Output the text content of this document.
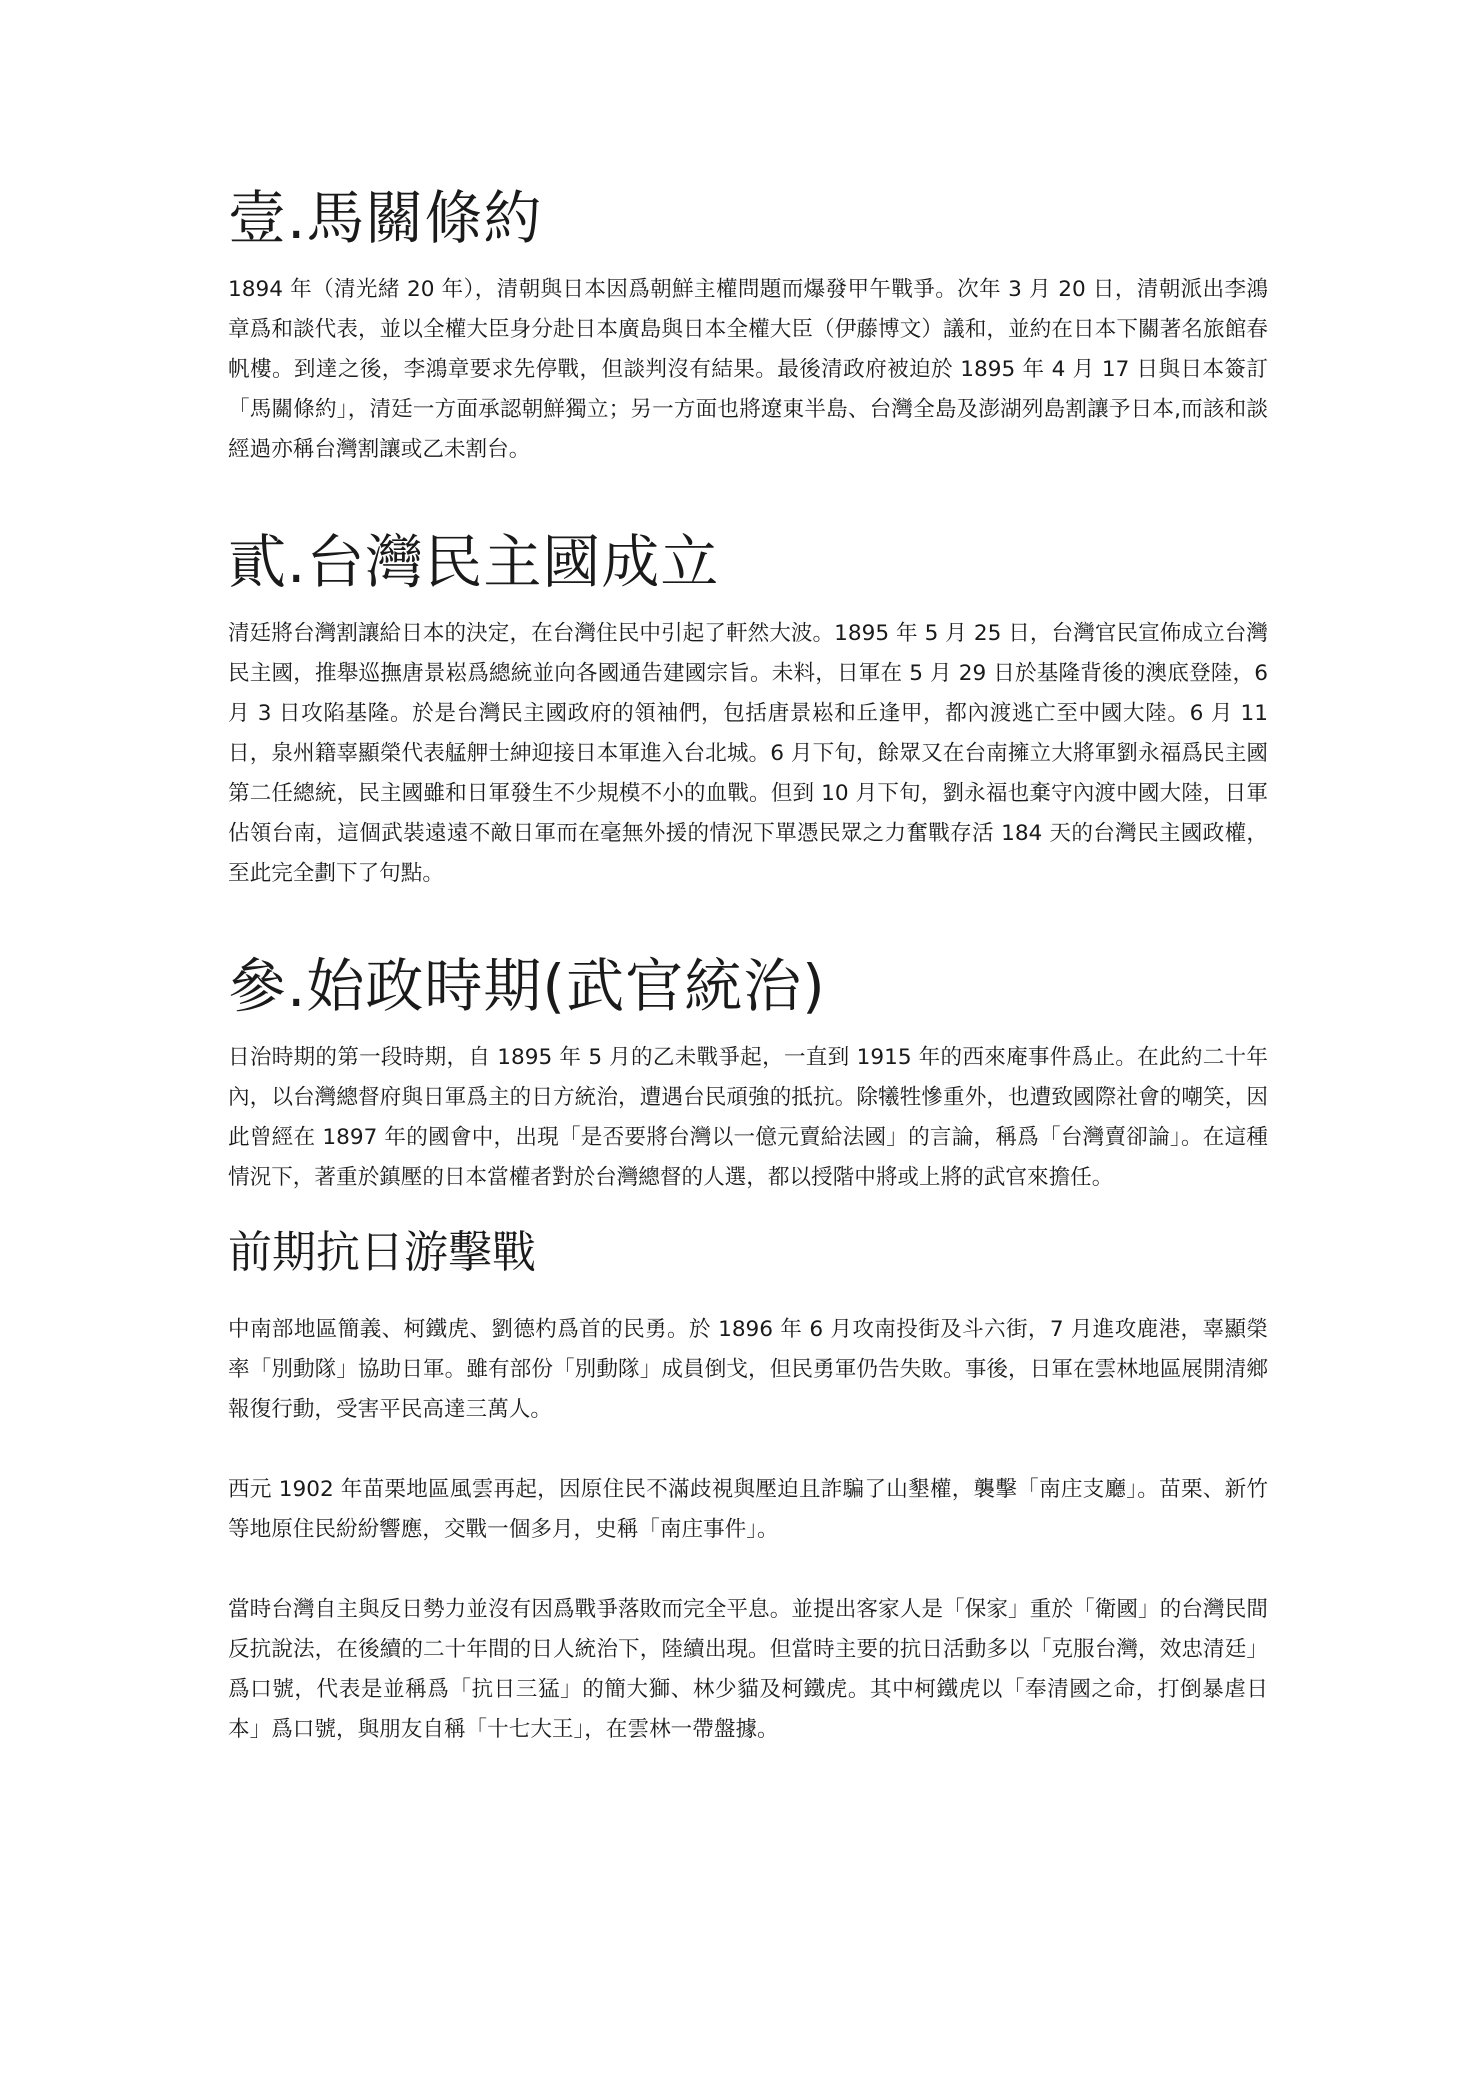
壹.馬關條約

1894 年（清光緒 20 年），清朝與日本因爲朝鮮主權問題而爆發甲午戰爭。次年 3 月 20 日，清朝派出李鴻章爲和談代表，並以全權大臣身分赴日本廣島與日本全權大臣（伊藤博文）議和，並約在日本下關著名旅館春帆樓。到達之後，李鴻章要求先停戰，但談判沒有結果。最後清政府被迫於 1895 年 4 月 17 日與日本簽訂「馬關條約」，清廷一方面承認朝鮮獨立；另一方面也將遼東半島、台灣全島及澎湖列島割讓予日本,而該和談經過亦稱台灣割讓或乙未割台。

貳.台灣民主國成立

清廷將台灣割讓給日本的決定，在台灣住民中引起了軒然大波。1895 年 5 月 25 日，台灣官民宣佈成立台灣民主國，推舉巡撫唐景崧爲總統並向各國通告建國宗旨。未料，日軍在 5 月 29 日於基隆背後的澳底登陸，6 月 3 日攻陷基隆。於是台灣民主國政府的領袖們，包括唐景崧和丘逢甲，都內渡逃亡至中國大陸。6 月 11 日，泉州籍辜顯榮代表艋舺士紳迎接日本軍進入台北城。6 月下旬，餘眾又在台南擁立大將軍劉永福爲民主國第二任總統，民主國雖和日軍發生不少規模不小的血戰。但到 10 月下旬，劉永福也棄守內渡中國大陸，日軍佔領台南，這個武裝遠遠不敵日軍而在毫無外援的情況下單憑民眾之力奮戰存活 184 天的台灣民主國政權，至此完全劃下了句點。

參.始政時期(武官統治)

日治時期的第一段時期，自 1895 年 5 月的乙未戰爭起，一直到 1915 年的西來庵事件爲止。在此約二十年內，以台灣總督府與日軍爲主的日方統治，遭遇台民頑強的抵抗。除犧牲慘重外，也遭致國際社會的嘲笑，因此曾經在 1897 年的國會中，出現「是否要將台灣以一億元賣給法國」的言論，稱爲「台灣賣卻論」。在這種情況下，著重於鎮壓的日本當權者對於台灣總督的人選，都以授階中將或上將的武官來擔任。

前期抗日游擊戰

中南部地區簡義、柯鐵虎、劉德杓爲首的民勇。於 1896 年 6 月攻南投街及斗六街，7 月進攻鹿港，辜顯榮率「別動隊」協助日軍。雖有部份「別動隊」成員倒戈，但民勇軍仍告失敗。事後，日軍在雲林地區展開清鄉報復行動，受害平民高達三萬人。

西元 1902 年苗栗地區風雲再起，因原住民不滿歧視與壓迫且詐騙了山墾權，襲擊「南庄支廳」。苗栗、新竹等地原住民紛紛響應，交戰一個多月，史稱「南庄事件」。

當時台灣自主與反日勢力並沒有因爲戰爭落敗而完全平息。並提出客家人是「保家」重於「衛國」的台灣民間反抗說法，在後續的二十年間的日人統治下，陸續出現。但當時主要的抗日活動多以「克服台灣，效忠清廷」爲口號，代表是並稱爲「抗日三猛」的簡大獅、林少貓及柯鐵虎。其中柯鐵虎以「奉清國之命，打倒暴虐日本」爲口號，與朋友自稱「十七大王」，在雲林一帶盤據。
